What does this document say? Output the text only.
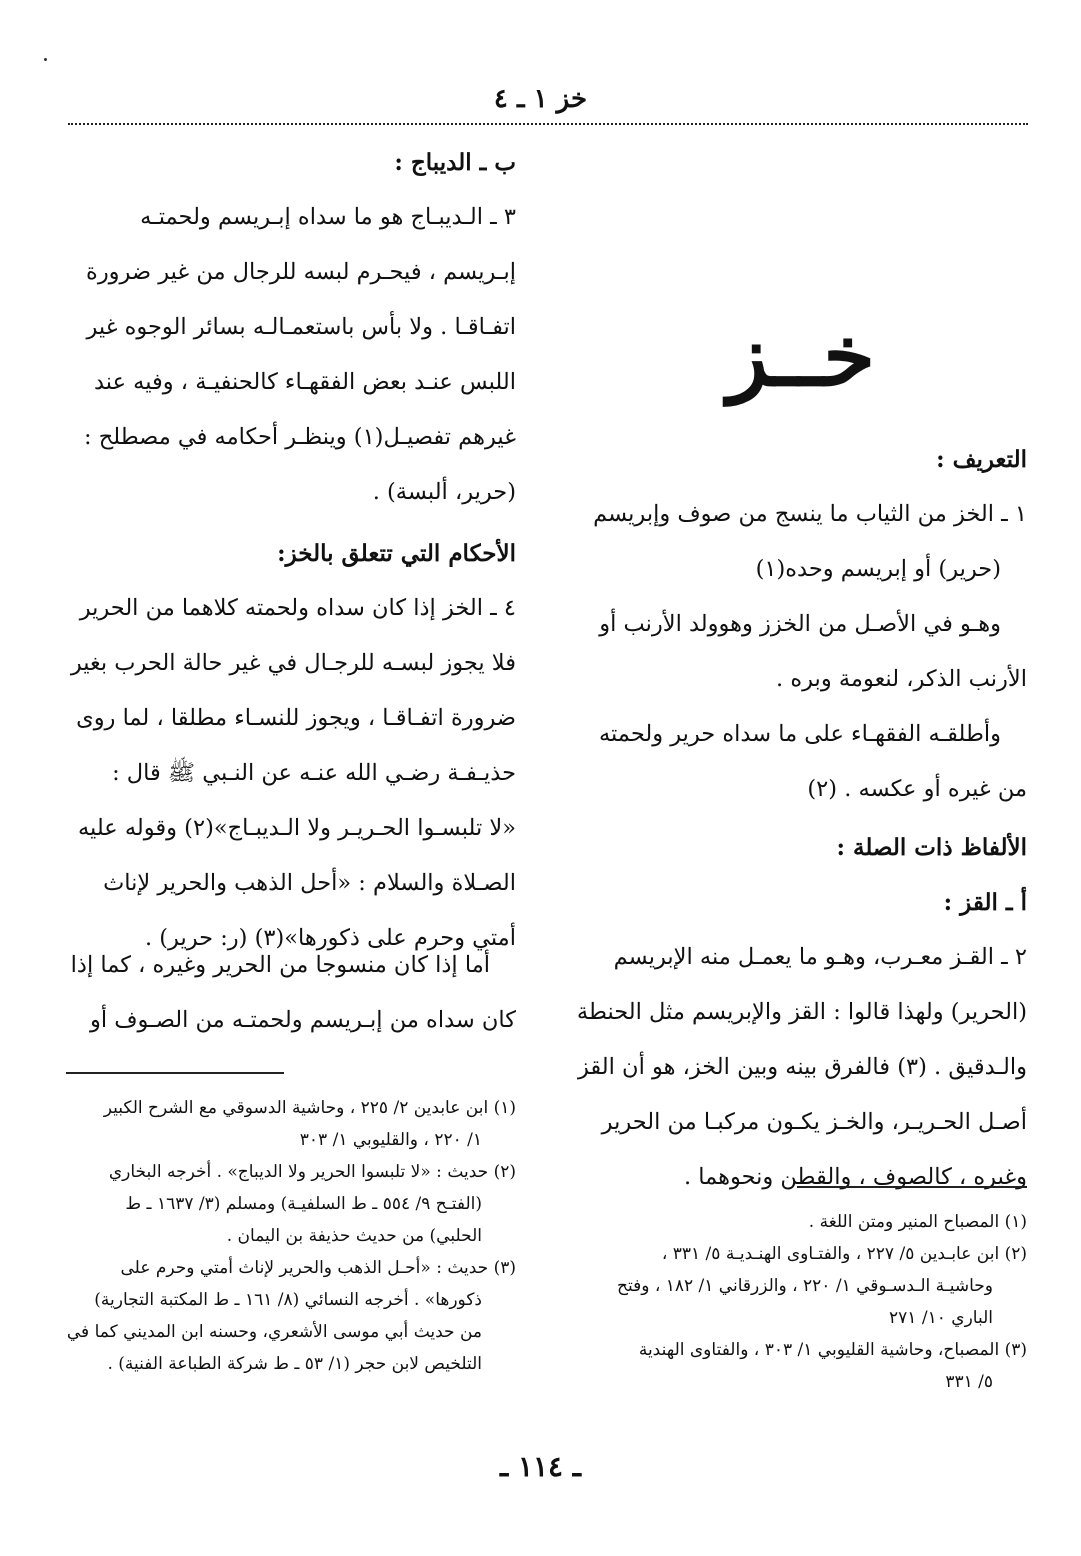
خز ١ ـ ٤
خــز

التعريف :

١ ـ الخز من الثياب ما ينسج من صوف وإبريسم

(حرير) أو إبريسم وحده(١)

وهـو في الأصـل من الخزز وهوولد الأرنب أو

الأرنب الذكر، لنعومة وبره .

وأطلقـه الفقهـاء على ما سداه حرير ولحمته

من غيره أو عكسه . (٢)

الألفاظ ذات الصلة :

أ ـ القز :

٢ ـ القـز معـرب، وهـو ما يعمـل منه الإبريسم

(الحرير) ولهذا قالوا : القز والإبريسم مثل الحنطة

والـدقيق . (٣) فالفرق بينه وبين الخز، هو أن القز

أصـل الحـريـر، والخـز يكـون مركبـا من الحرير

وغيره ، كالصوف ، والقطن ونحوهما .

(١) المصباح المنير ومتن اللغة .
(٢) ابن عابـدين ٥/ ٢٢٧ ، والفتـاوى الهنـديـة ٥/ ٣٣١ ،
وحاشيـة الـدسـوقي ١/ ٢٢٠ ، والزرقاني ١/ ١٨٢ ، وفتح
الباري ١٠/ ٢٧١
(٣) المصباح، وحاشية القليوبي ١/ ٣٠٣ ، والفتاوى الهندية
٥/ ٣٣١

ب ـ الديباج :

٣ ـ الـديبـاج هو ما سداه إبـريسم ولحمتـه

إبـريسم ، فيحـرم لبسه للرجال من غير ضرورة

اتفـاقـا . ولا بأس باستعمـالـه بسائر الوجوه غير

اللبس عنـد بعض الفقهـاء كالحنفيـة ، وفيه عند

غيرهم تفصيـل(١) وينظـر أحكامه في مصطلح :

(حرير، ألبسة) .

الأحكام التي تتعلق بالخز:

٤ ـ الخز إذا كان سداه ولحمته كلاهما من الحرير

فلا يجوز لبسـه للرجـال في غير حالة الحرب بغير

ضرورة اتفـاقـا ، ويجوز للنسـاء مطلقا ، لما روى

حذيـفـة رضـي الله عنـه عن النـبي ﷺ قال :

«لا تلبسـوا الحـريـر ولا الـديبـاج»(٢) وقوله عليه

الصـلاة والسلام : «أحل الذهب والحرير لإناث

أمتي وحرم على ذكورها»(٣) (ر: حرير) .

أما إذا كان منسوجا من الحرير وغيره ، كما إذا

كان سداه من إبـريسم ولحمتـه من الصـوف أو

(١) ابن عابدين ٢/ ٢٢٥ ، وحاشية الدسوقي مع الشرح الكبير
١/ ٢٢٠ ، والقليوبي ١/ ٣٠٣
(٢) حديث : «لا تلبسوا الحرير ولا الديباج» . أخرجه البخاري
(الفتـح ٩/ ٥٥٤ ـ ط السلفيـة) ومسلم (٣/ ١٦٣٧ ـ ط
الحلبي) من حديث حذيفة بن اليمان .
(٣) حديث : «أحـل الذهب والحرير لإناث أمتي وحرم على
ذكورها» . أخرجه النسائي (٨/ ١٦١ ـ ط المكتبة التجارية)
من حديث أبي موسى الأشعري، وحسنه ابن المديني كما في
التلخيص لابن حجر (١/ ٥٣ ـ ط شركة الطباعة الفنية) .
ـ ١١٤ ـ
